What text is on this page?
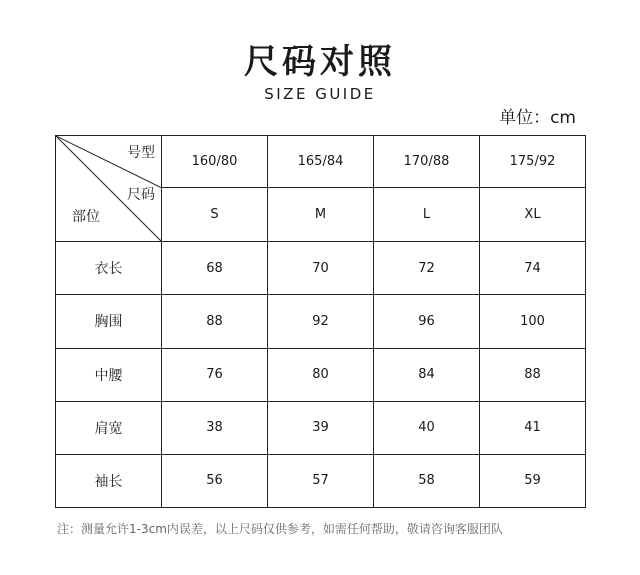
尺码对照
SIZE GUIDE
单位：cm
号型
尺码
部位	160/80	165/84	170/88	175/92
	S	M	L	XL
衣长	68	70	72	74
胸围	88	92	96	100
中腰	76	80	84	88
肩宽	38	39	40	41
袖长	56	57	58	59
注：测量允许1-3cm内误差，以上尺码仅供参考，如需任何帮助，敬请咨询客服团队
